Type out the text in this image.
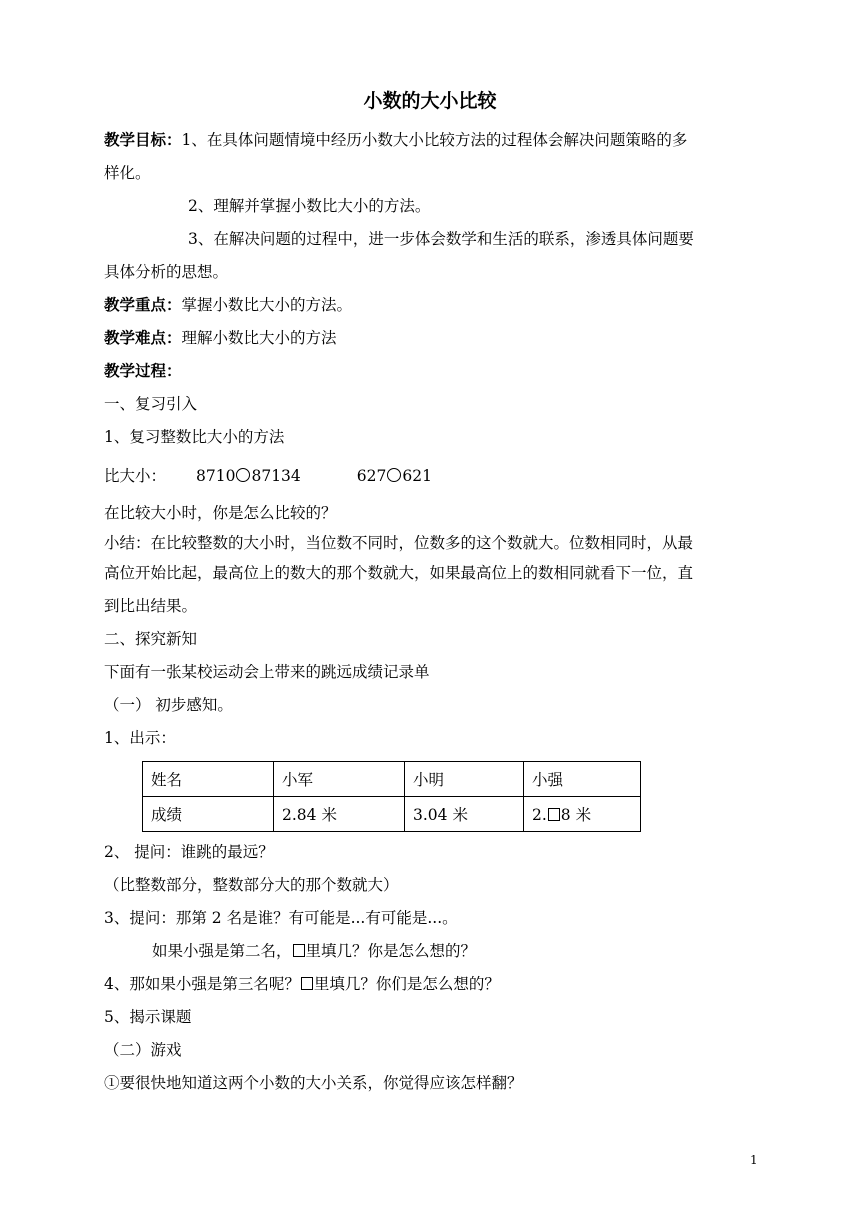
小数的大小比较

教学目标：1、在具体问题情境中经历小数大小比较方法的过程体会解决问题策略的多

样化。

2、理解并掌握小数比大小的方法。

3、在解决问题的过程中，进一步体会数学和生活的联系，渗透具体问题要

具体分析的思想。

教学重点：掌握小数比大小的方法。

教学难点：理解小数比大小的方法

教学过程：

一、复习引入

1、复习整数比大小的方法

比大小： 8710 87134	627 621

在比较大小时，你是怎么比较的？

小结：在比较整数的大小时，当位数不同时，位数多的这个数就大。位数相同时，从最

高位开始比起，最高位上的数大的那个数就大，如果最高位上的数相同就看下一位，直

到比出结果。

二、探究新知

下面有一张某校运动会上带来的跳远成绩记录单

（一） 初步感知。

1、出示：

姓名	小军	小明	小强
成绩	2.84 米	3.04 米	2. 8 米

2、 提问：谁跳的最远？

（比整数部分，整数部分大的那个数就大）

3、提问：那第 2 名是谁？有可能是...有可能是...。

如果小强是第二名， 里填几？你是怎么想的？

4、那如果小强是第三名呢？ 里填几？你们是怎么想的？

5、揭示课题

（二）游戏

①要很快地知道这两个小数的大小关系，你觉得应该怎样翻？

1
